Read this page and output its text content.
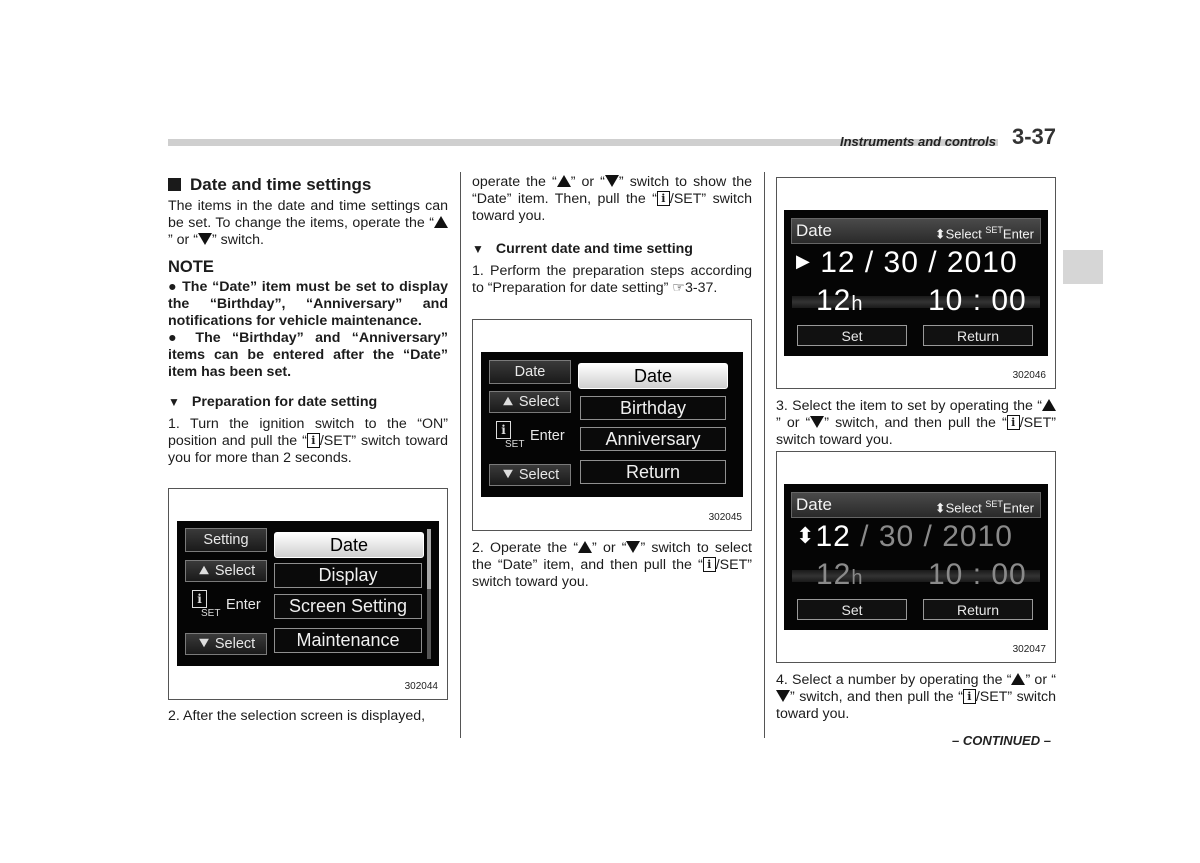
Instruments and controls 3-37

Date and time settings

The items in the date and time settings can be set. To change the items, operate the “” or “ ” switch.

NOTE

● The “Date” item must be set to display the “Birthday”, “Anniversary” and notifications for vehicle maintenance.

● The “Birthday” and “Anniversary” items can be entered after the “Date” item has been set.

▼ Preparation for date setting

1. Turn the ignition switch to the “ON” position and pull the “ i /SET” switch toward you for more than 2 seconds.

Setting

Select
i
SET
Enter

Select
Date
Display
Screen Setting
Maintenance
302044

2. After the selection screen is displayed,

operate the “ ” or “ ” switch to show the “Date” item. Then, pull the “ i /SET” switch toward you.

▼ Current date and time setting

1. Perform the preparation steps according to “Preparation for date setting” ☞3-37.

Date

Select
i
SET
Enter

Select
Date
Birthday
Anniversary
Return
302045

2. Operate the “ ” or “ ” switch to select the “Date” item, and then pull the “ i /SET” switch toward you.

Date	⬍Select $^{SET}$Enter
▶ 12 / 30 / 2010
12h 10 : 00
Set	Return
302046

3. Select the item to set by operating the “” or “ ” switch, and then pull the “ i /SET” switch toward you.

Date	⬍Select $^{SET}$Enter
⬍12 / 30 / 2010
12h 10 : 00
Set	Return
302047

4. Select a number by operating the “ ” or “” switch, and then pull the “ i /SET” switch toward you.

– CONTINUED –
